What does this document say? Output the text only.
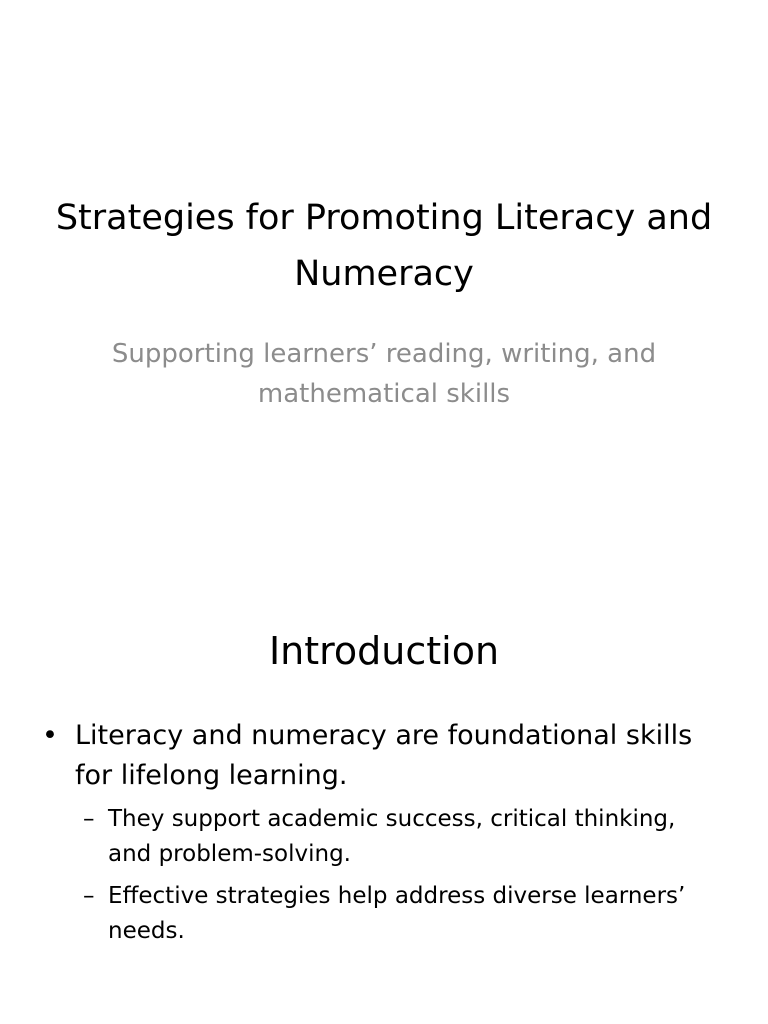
Strategies for Promoting Literacy and Numeracy

Supporting learners’ reading, writing, and mathematical skills

Introduction
• Literacy and numeracy are foundational skills for lifelong learning.
– They support academic success, critical thinking, and problem-solving.
– Effective strategies help address diverse learners’ needs.
